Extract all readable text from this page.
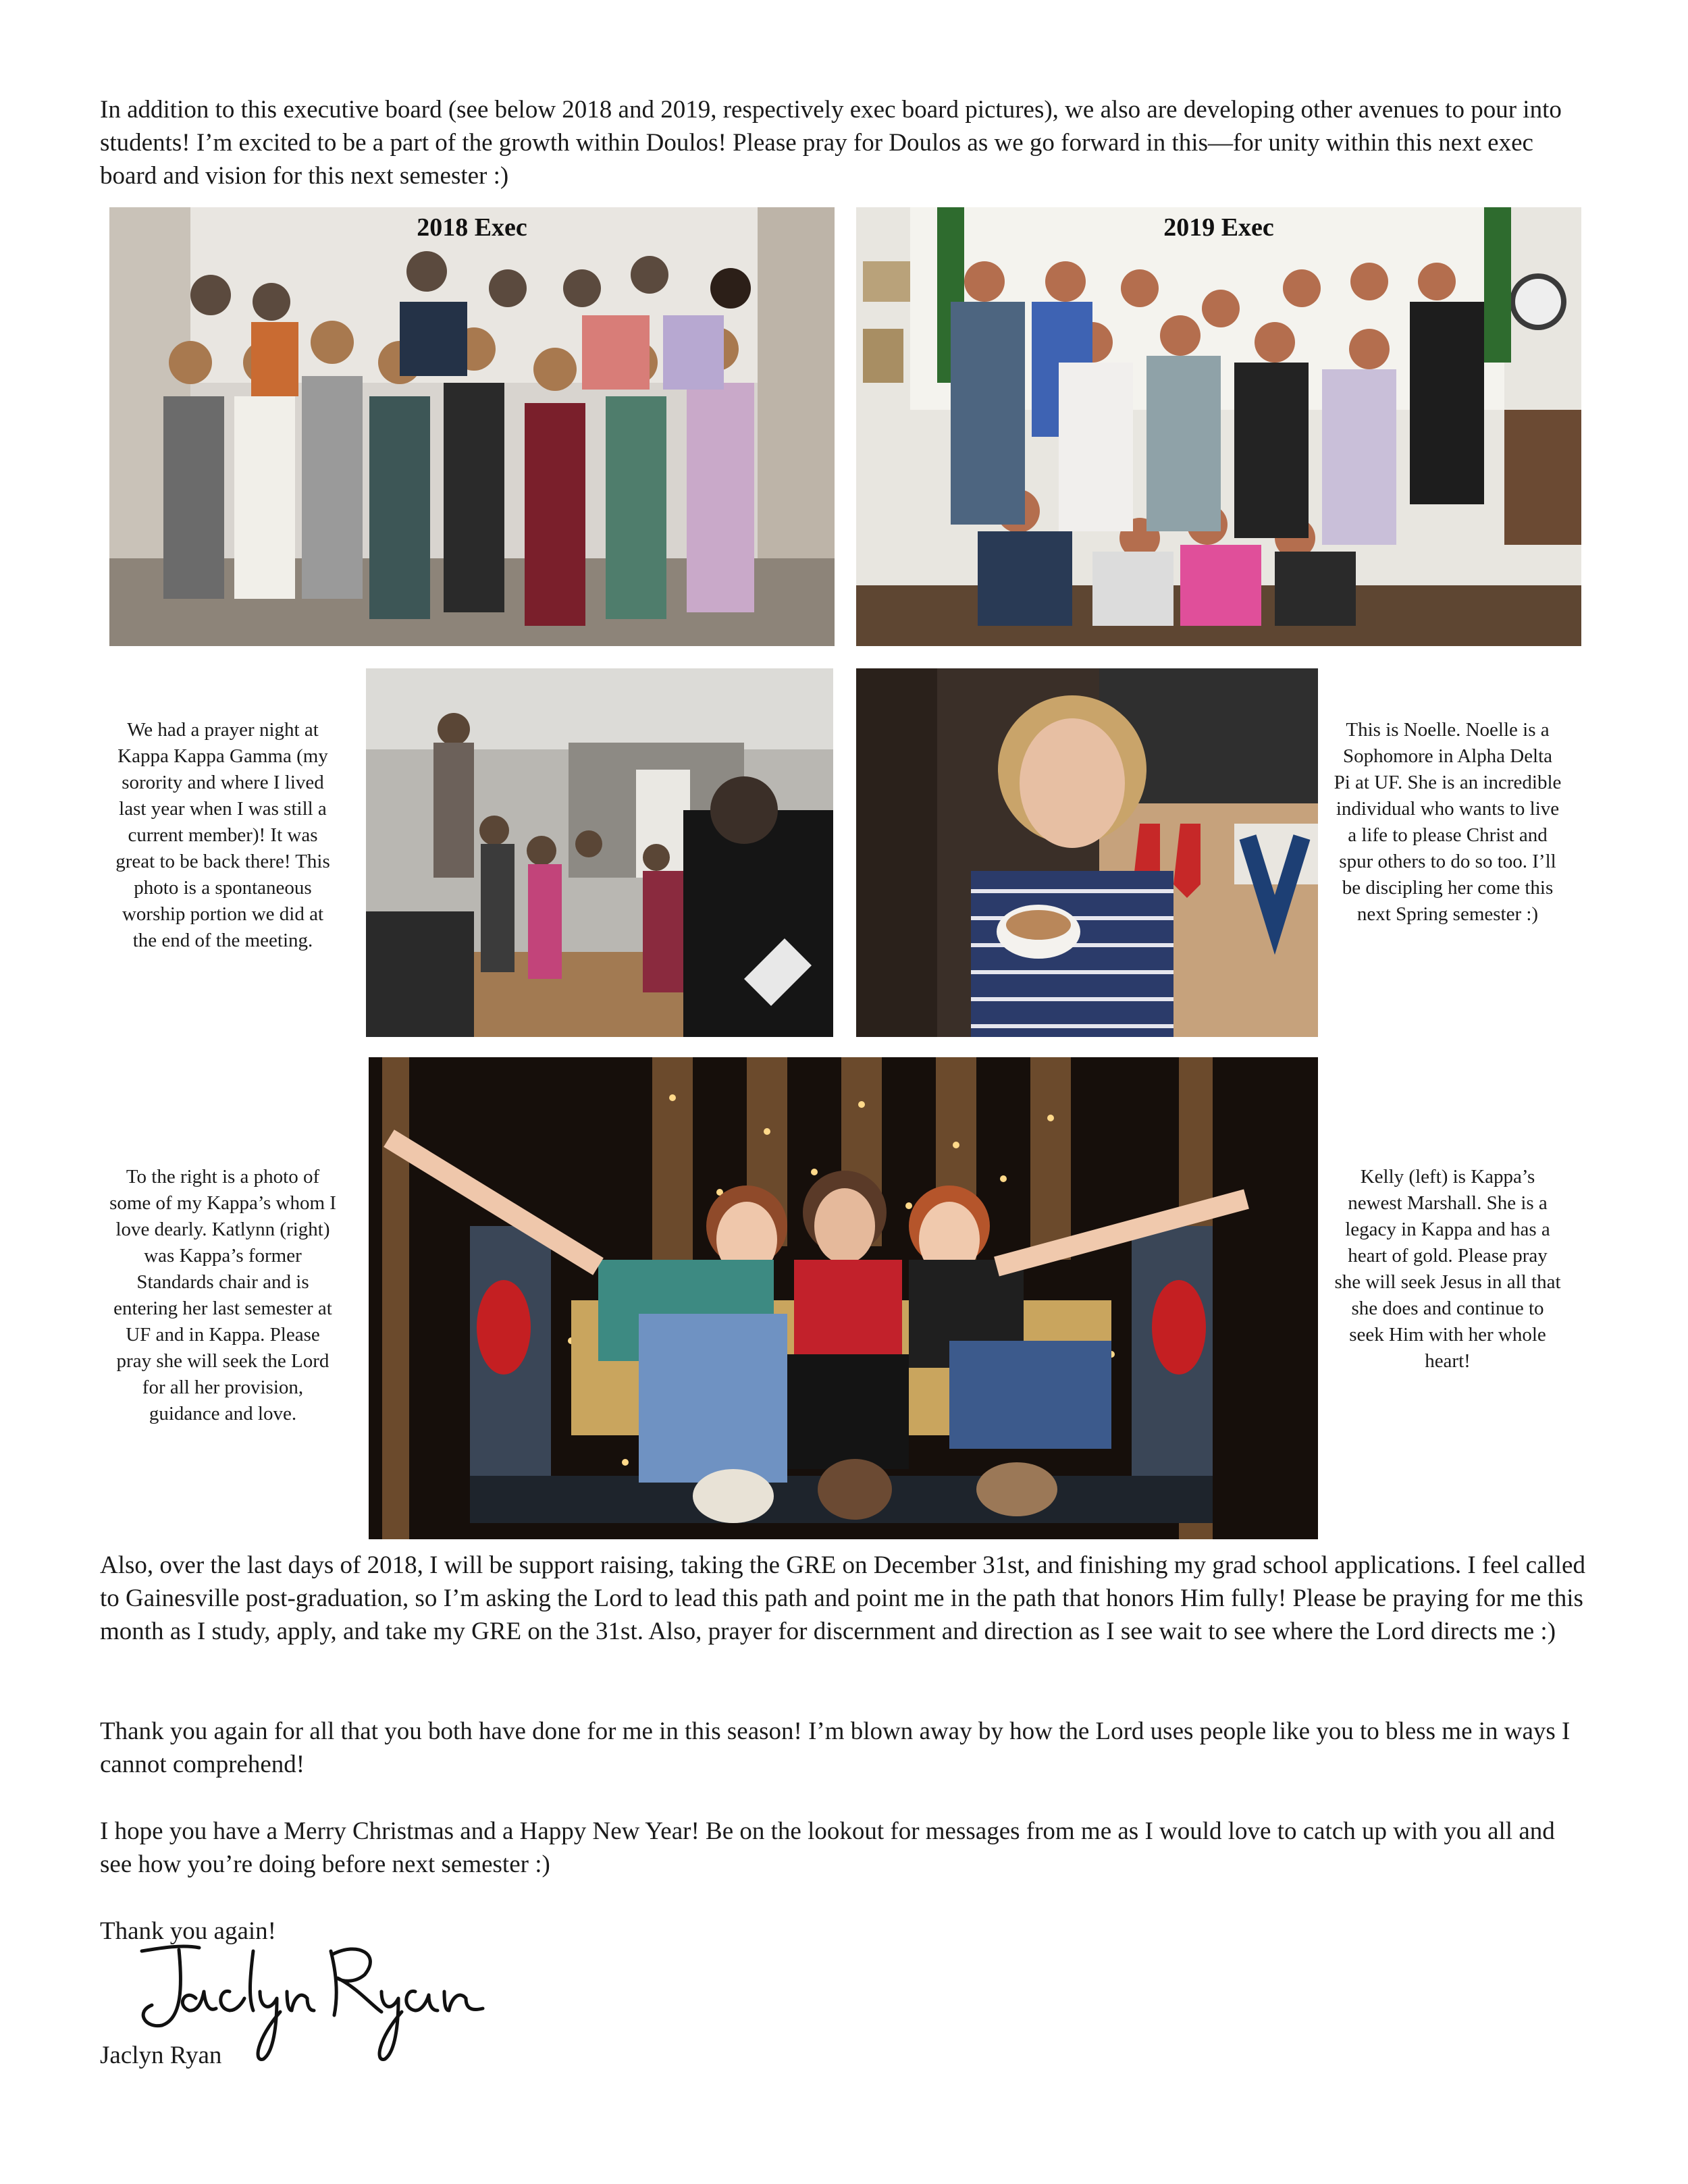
In addition to this executive board (see below 2018 and 2019, respectively exec board pictures), we also are developing other avenues to pour into students! I’m excited to be a part of the growth within Doulos! Please pray for Doulos as we go forward in this—for unity within this next exec board and vision for this next semester :)

2018 Exec	2019 Exec

We had a prayer night at Kappa Kappa Gamma (my sorority and where I lived last year when I was still a current member)! It was great to be back there! This photo is a spontaneous worship portion we did at the end of the meeting.

This is Noelle. Noelle is a Sophomore in Alpha Delta Pi at UF. She is an incredible individual who wants to live a life to please Christ and spur others to do so too. I’ll be discipling her come this next Spring semester :)

To the right is a photo of some of my Kappa’s whom I love dearly. Katlynn (right) was Kappa’s former Standards chair and is entering her last semester at UF and in Kappa. Please pray she will seek the Lord for all her provision, guidance and love.

Kelly (left) is Kappa’s newest Marshall. She is a legacy in Kappa and has a heart of gold. Please pray she will seek Jesus in all that she does and continue to seek Him with her whole heart!

Also, over the last days of 2018, I will be support raising, taking the GRE on December 31st, and finishing my grad school applications. I feel called to Gainesville post-graduation, so I’m asking the Lord to lead this path and point me in the path that honors Him fully! Please be praying for me this month as I study, apply, and take my GRE on the 31st. Also, prayer for discernment and direction as I see wait to see where the Lord directs me :)

Thank you again for all that you both have done for me in this season! I’m blown away by how the Lord uses people like you to bless me in ways I cannot comprehend!

I hope you have a Merry Christmas and a Happy New Year! Be on the lookout for messages from me as I would love to catch up with you all and see how you’re doing before next semester :)

Thank you again!

Jaclyn Ryan
